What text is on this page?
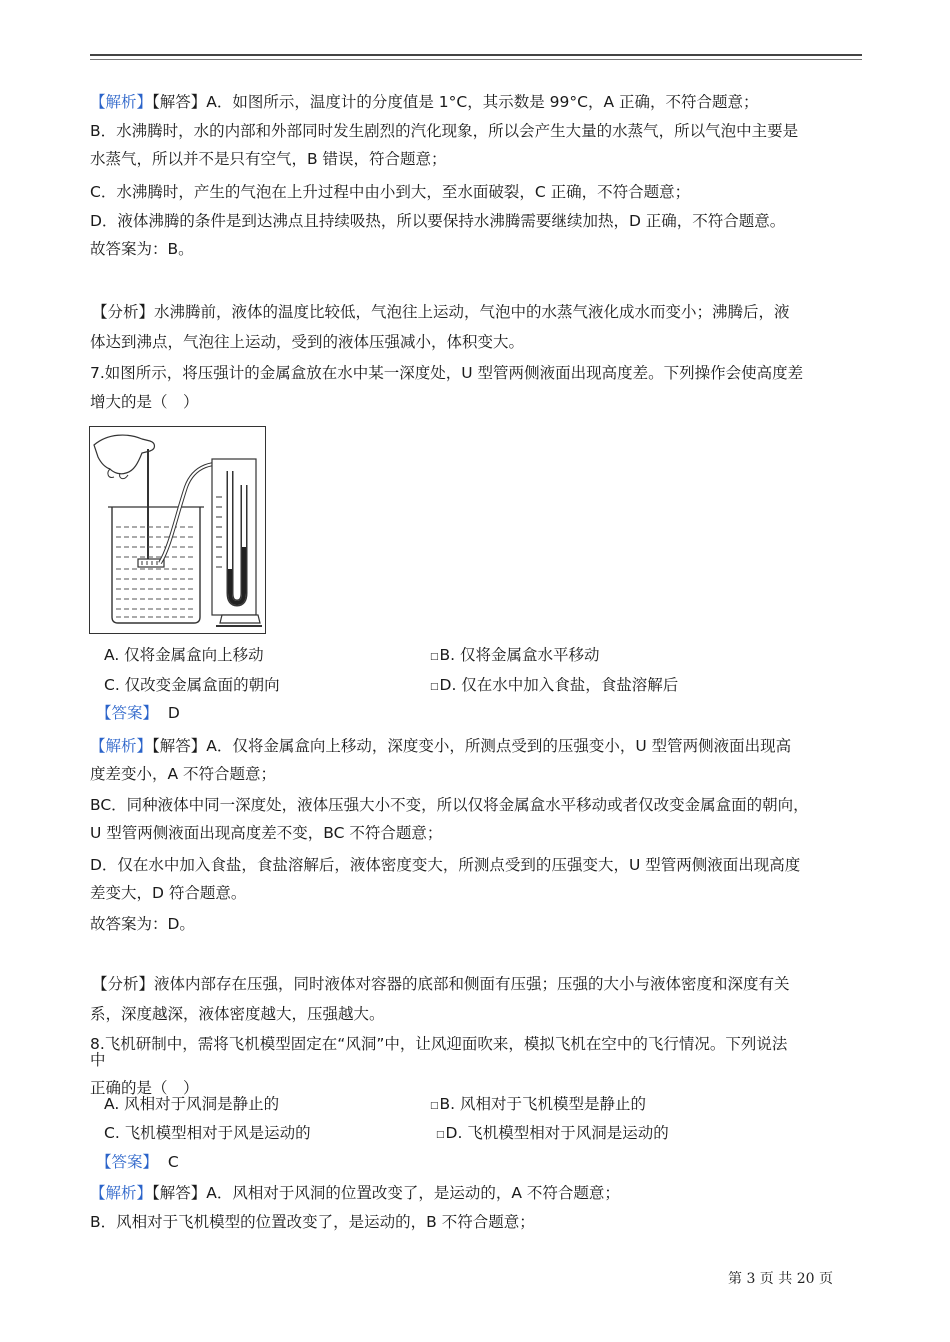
【解析】【解答】A．如图所示，温度计的分度值是 1°C，其示数是 99°C，A 正确，不符合题意；
B．水沸腾时，水的内部和外部同时发生剧烈的汽化现象，所以会产生大量的水蒸气，所以气泡中主要是
水蒸气，所以并不是只有空气，B 错误，符合题意；
C．水沸腾时，产生的气泡在上升过程中由小到大，至水面破裂，C 正确，不符合题意；
D．液体沸腾的条件是到达沸点且持续吸热，所以要保持水沸腾需要继续加热，D 正确，不符合题意。
故答案为：B。
【分析】水沸腾前，液体的温度比较低，气泡往上运动，气泡中的水蒸气液化成水而变小；沸腾后，液
体达到沸点，气泡往上运动，受到的液体压强减小，体积变大。
7.如图所示，将压强计的金属盒放在水中某一深度处，U 型管两侧液面出现高度差。下列操作会使高度差
增大的是（　）
A. 仅将金属盒向上移动	□B. 仅将金属盒水平移动
C. 仅改变金属盒面的朝向	□D. 仅在水中加入食盐，食盐溶解后
【答案】 D
【解析】【解答】A．仅将金属盒向上移动，深度变小，所测点受到的压强变小，U 型管两侧液面出现高
度差变小，A 不符合题意；
BC．同种液体中同一深度处，液体压强大小不变，所以仅将金属盒水平移动或者仅改变金属盒面的朝向，
U 型管两侧液面出现高度差不变，BC 不符合题意；
D．仅在水中加入食盐，食盐溶解后，液体密度变大，所测点受到的压强变大，U 型管两侧液面出现高度
差变大，D 符合题意。
故答案为：D。
【分析】液体内部存在压强，同时液体对容器的底部和侧面有压强；压强的大小与液体密度和深度有关
系，深度越深，液体密度越大，压强越大。
8.飞机研制中，需将飞机模型固定在“风洞”中，让风迎面吹来，模拟飞机在空中的飞行情况。下列说法
中
正确的是（　）
A. 风相对于风洞是静止的	□B. 风相对于飞机模型是静止的
C. 飞机模型相对于风是运动的	□D. 飞机模型相对于风洞是运动的
【答案】 C
【解析】【解答】A．风相对于风洞的位置改变了，是运动的，A 不符合题意；
B．风相对于飞机模型的位置改变了，是运动的，B 不符合题意；
第 3 页 共 20 页
